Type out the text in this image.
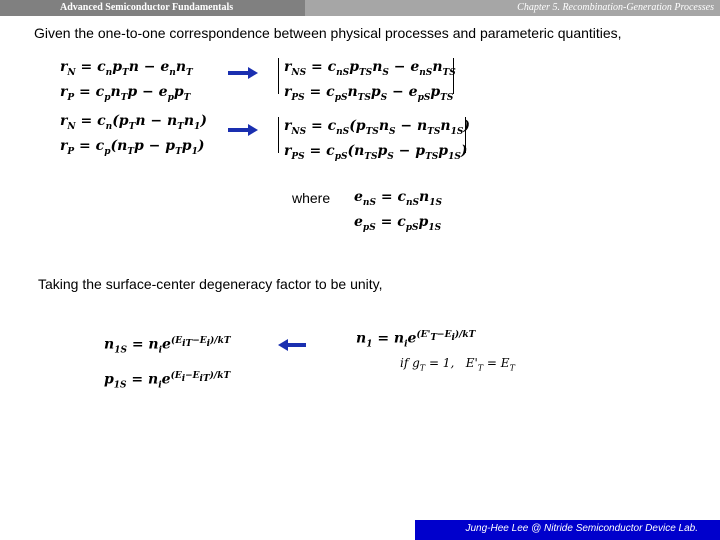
Advanced Semiconductor Fundamentals	Chapter 5. Recombination-Generation Processes
Given the one-to-one correspondence between physical processes and parameteric quantities,
$r_N = c_np_Tn - e_nn_T$
$r_P = c_pn_Tp - e_pp_T$
$r_{NS} = c_{nS}p_{TS}n_S - e_{nS}n_{TS}$
$r_{PS} = c_{pS}n_{TS}p_S - e_{pS}p_{TS}$
$r_N = c_n(p_Tn - n_Tn_1)$
$r_P = c_p(n_Tp - p_Tp_1)$
$r_{NS} = c_{nS}(p_{TS}n_S - n_{TS}n_{1S})$
$r_{PS} = c_{pS}(n_{TS}p_S - p_{TS}p_{1S})$
where $e_{nS} = c_{nS}n_{1S}$
$e_{pS} = c_{pS}p_{1S}$
Taking the surface-center degeneracy factor to be unity,
$n_{1S} = n_ie^{(E_{iT}-E_i)/kT}$
$p_{1S} = n_ie^{(E_i-E_{iT})/kT}$
$n_1 = n_ie^{(E'_T-E_i)/kT}$
if $g_T = 1$,   $E'_T = E_T$
Jung-Hee Lee @ Nitride Semiconductor Device Lab.
